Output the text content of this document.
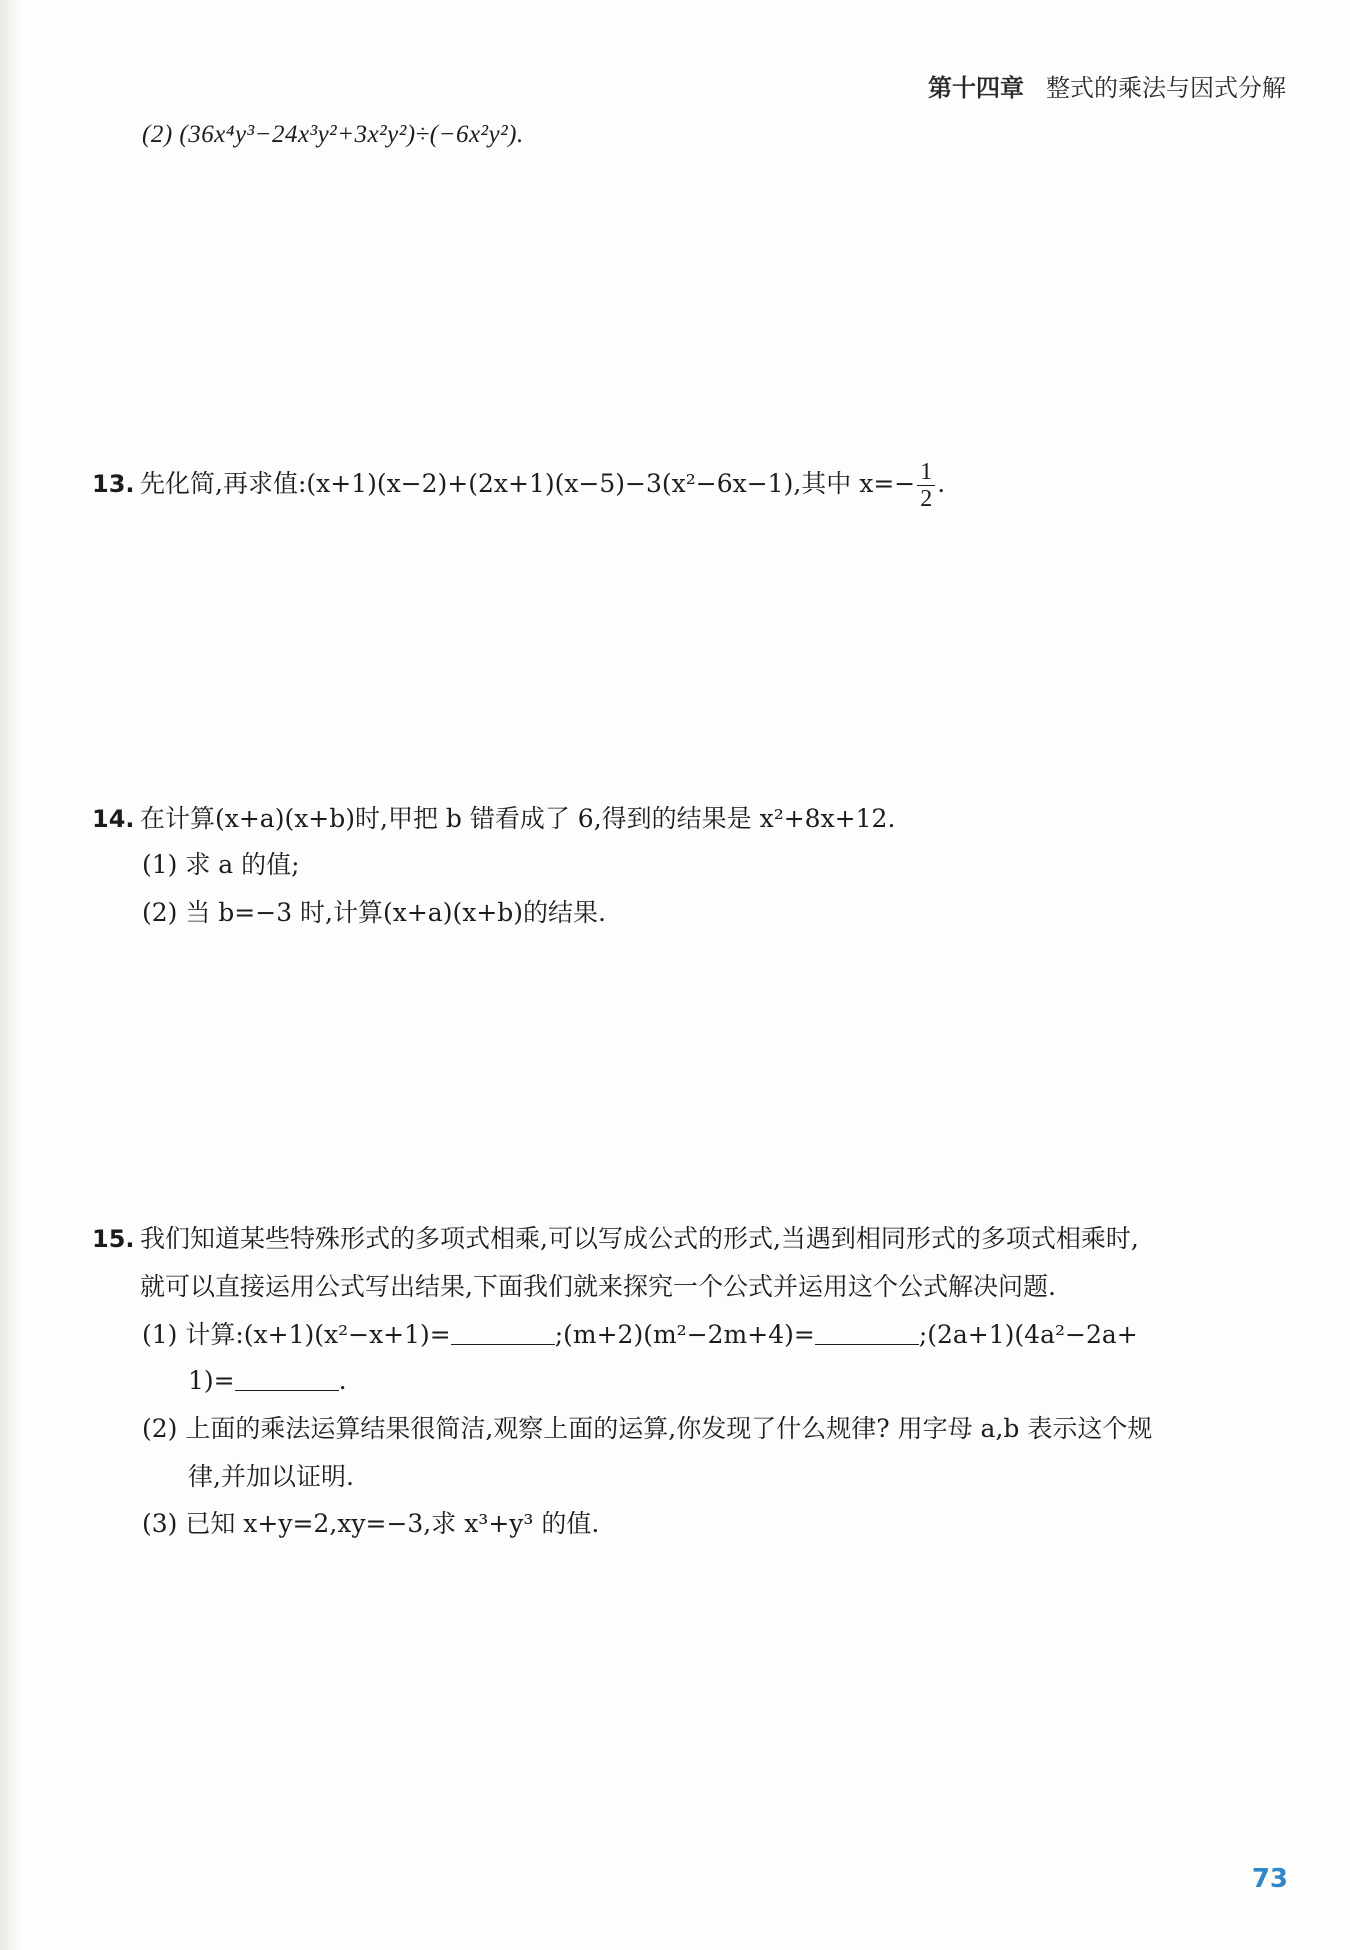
第十四章 整式的乘法与因式分解
(2) (36x⁴y³−24x³y²+3x²y²)÷(−6x²y²).
13. 先化简,再求值:(x+1)(x−2)+(2x+1)(x−5)−3(x²−6x−1),其中 $x=- \frac{1}{2}$ .
14. 在计算(x+a)(x+b)时,甲把 b 错看成了 6,得到的结果是 x²+8x+12.
(1) 求 a 的值;
(2) 当 b=−3 时,计算(x+a)(x+b)的结果.
15. 我们知道某些特殊形式的多项式相乘,可以写成公式的形式,当遇到相同形式的多项式相乘时,
就可以直接运用公式写出结果,下面我们就来探究一个公式并运用这个公式解决问题.
(1) 计算:(x+1)(x²−x+1)=	;(m+2)(m²−2m+4)=	;(2a+1)(4a²−2a+
1)=	.
(2) 上面的乘法运算结果很简洁,观察上面的运算,你发现了什么规律? 用字母 a,b 表示这个规
律,并加以证明.
(3) 已知 x+y=2,xy=−3,求 x³+y³ 的值.
73
